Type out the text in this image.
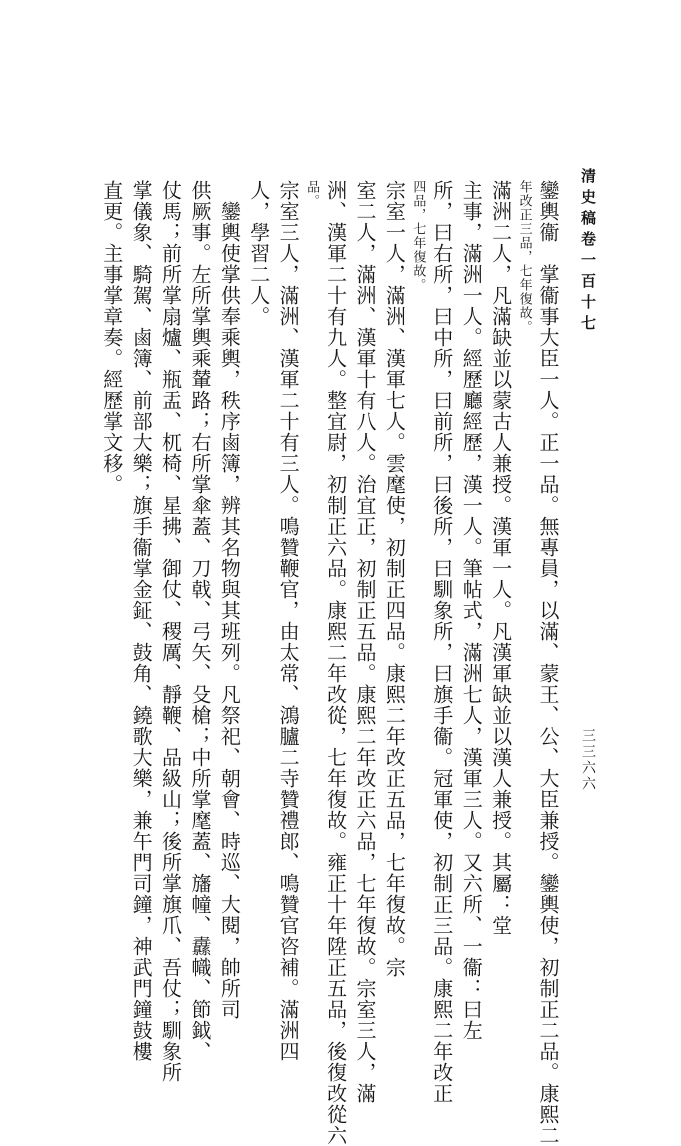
清史稿卷一百十七
三三六六
鑾輿衞　掌衞事大臣一人。正一品。無專員，以滿、蒙王、公、大臣兼授。鑾輿使，初制正二品。康熙二
年改正三品，七年復故。
滿洲二人，凡滿缺並以蒙古人兼授。漢軍一人。凡漢軍缺並以漢人兼授。其屬：堂
主事，滿洲一人。經歷廳經歷，漢一人。筆帖式，滿洲七人，漢軍三人。又六所、一衞：曰左
所，曰右所，曰中所，曰前所，曰後所，曰馴象所，曰旗手衞。冠軍使，初制正三品。康熙二年改正
四品，七年復故。
宗室一人，滿洲、漢軍七人。雲麾使，初制正四品。康熙二年改正五品，七年復故。宗
室二人，滿洲、漢軍十有八人。治宜正，初制正五品。康熙二年改正六品，七年復故。宗室三人，滿
洲、漢軍二十有九人。整宜尉，初制正六品。康熙二年改從，七年復故。雍正十年陞正五品，後復改從六
品。
宗室三人，滿洲、漢軍二十有三人。鳴贊鞭官，由太常、鴻臚二寺贊禮郎、鳴贊官咨補。滿洲四
人，學習二人。
　鑾輿使掌供奉乘輿，秩序鹵簿，辨其名物與其班列。凡祭祀、朝會、時巡、大閱，帥所司
供厥事。左所掌輿乘輦路；右所掌傘蓋、刀戟、弓矢、殳槍；中所掌麾蓋、旛幢、纛幟、節鉞、
仗馬；前所掌扇爐、瓶盂、杌椅、星拂、御仗、稷厲、靜鞭、品級山；後所掌旗爪、吾仗；馴象所
掌儀象、騎駕、鹵簿、前部大樂；旗手衞掌金鉦、鼓角、鐃歌大樂，兼午門司鐘，神武門鐘鼓樓
直更。主事掌章奏。經歷掌文移。
